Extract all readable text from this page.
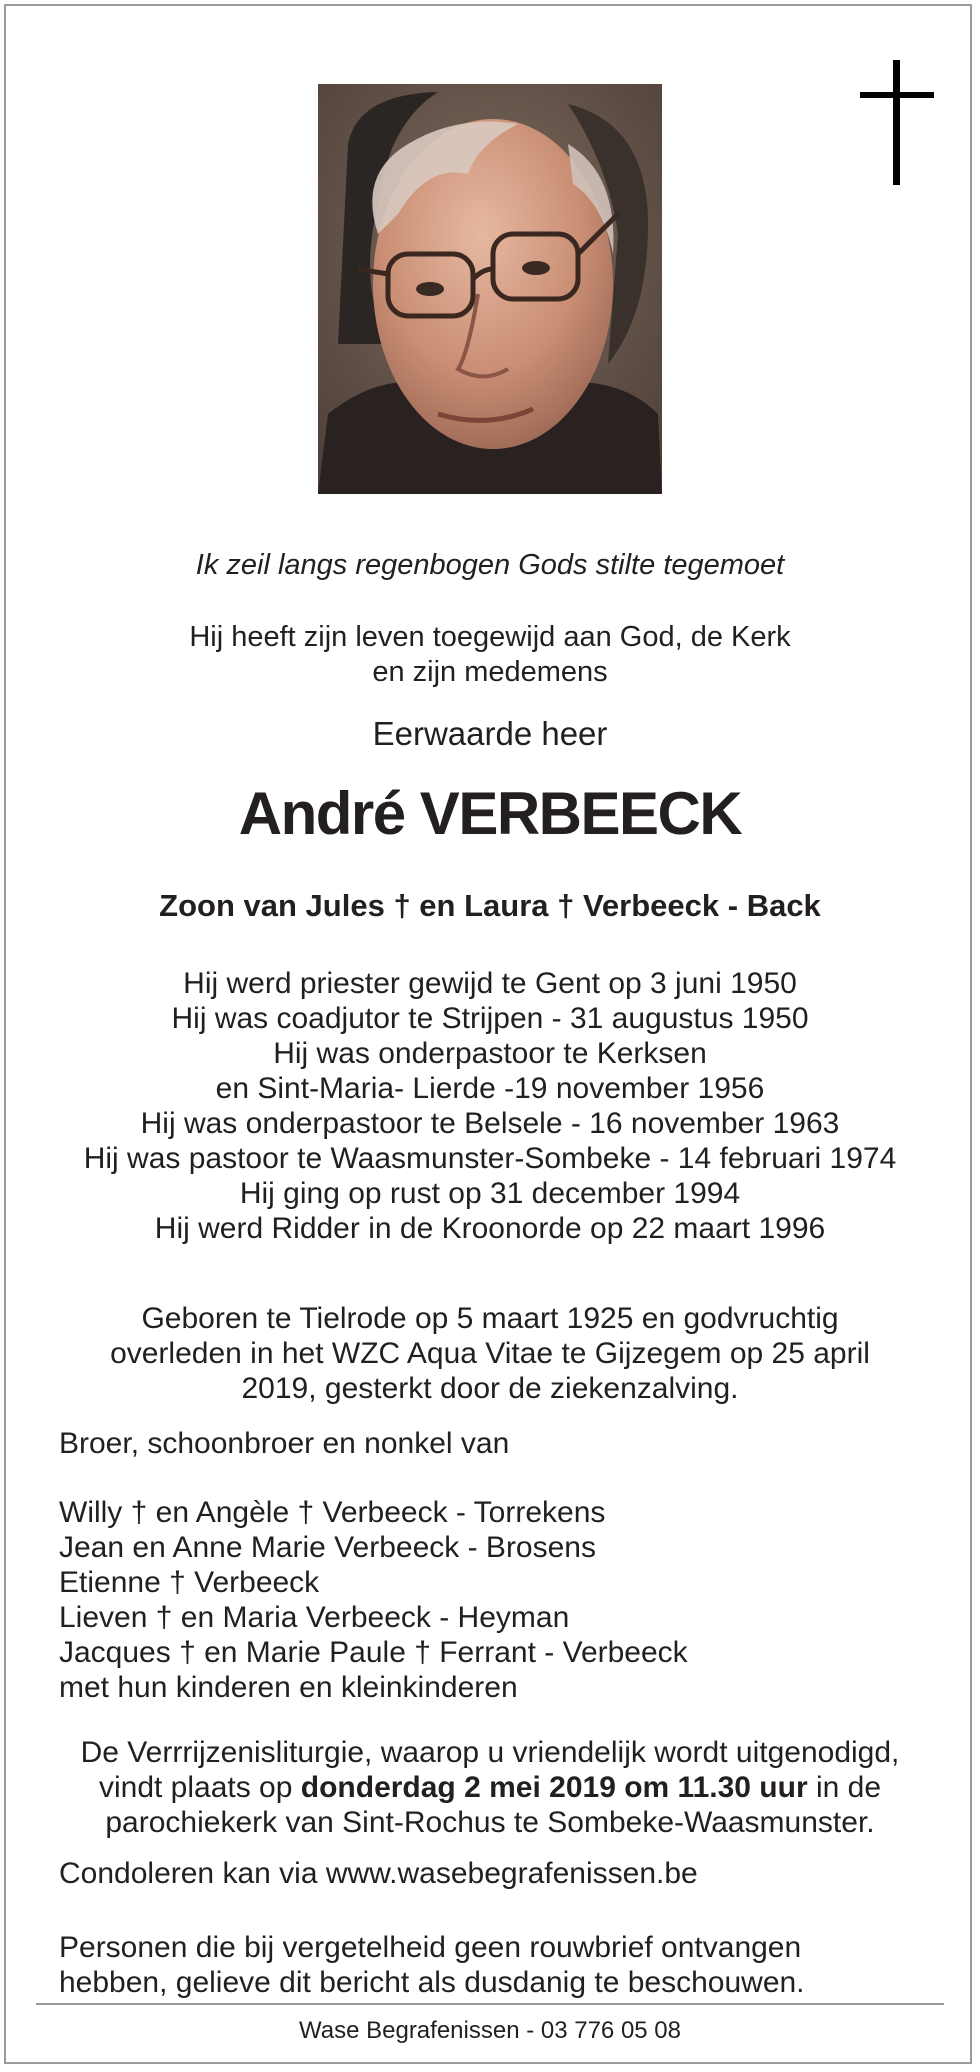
Ik zeil langs regenbogen Gods stilte tegemoet
Hij heeft zijn leven toegewijd aan God, de Kerk
en zijn medemens
Eerwaarde heer
André VERBEECK
Zoon van Jules † en Laura † Verbeeck - Back
Hij werd priester gewijd te Gent op 3 juni 1950
Hij was coadjutor te Strijpen - 31 augustus 1950
Hij was onderpastoor te Kerksen
en Sint-Maria- Lierde -19 november 1956
Hij was onderpastoor te Belsele - 16 november 1963
Hij was pastoor te Waasmunster-Sombeke - 14 februari 1974
Hij ging op rust op 31 december 1994
Hij werd Ridder in de Kroonorde op 22 maart 1996
Geboren te Tielrode op 5 maart 1925 en godvruchtig
overleden in het WZC Aqua Vitae te Gijzegem op 25 april
2019, gesterkt door de ziekenzalving.
Broer, schoonbroer en nonkel van
Willy † en Angèle † Verbeeck - Torrekens
Jean en Anne Marie Verbeeck - Brosens
Etienne † Verbeeck
Lieven † en Maria Verbeeck - Heyman
Jacques † en Marie Paule † Ferrant - Verbeeck
met hun kinderen en kleinkinderen
De Verrrijzenisliturgie, waarop u vriendelijk wordt uitgenodigd,
vindt plaats op donderdag 2 mei 2019 om 11.30 uur in de
parochiekerk van Sint-Rochus te Sombeke-Waasmunster.
Condoleren kan via www.wasebegrafenissen.be
Personen die bij vergetelheid geen rouwbrief ontvangen
hebben, gelieve dit bericht als dusdanig te beschouwen.
Wase Begrafenissen - 03 776 05 08
